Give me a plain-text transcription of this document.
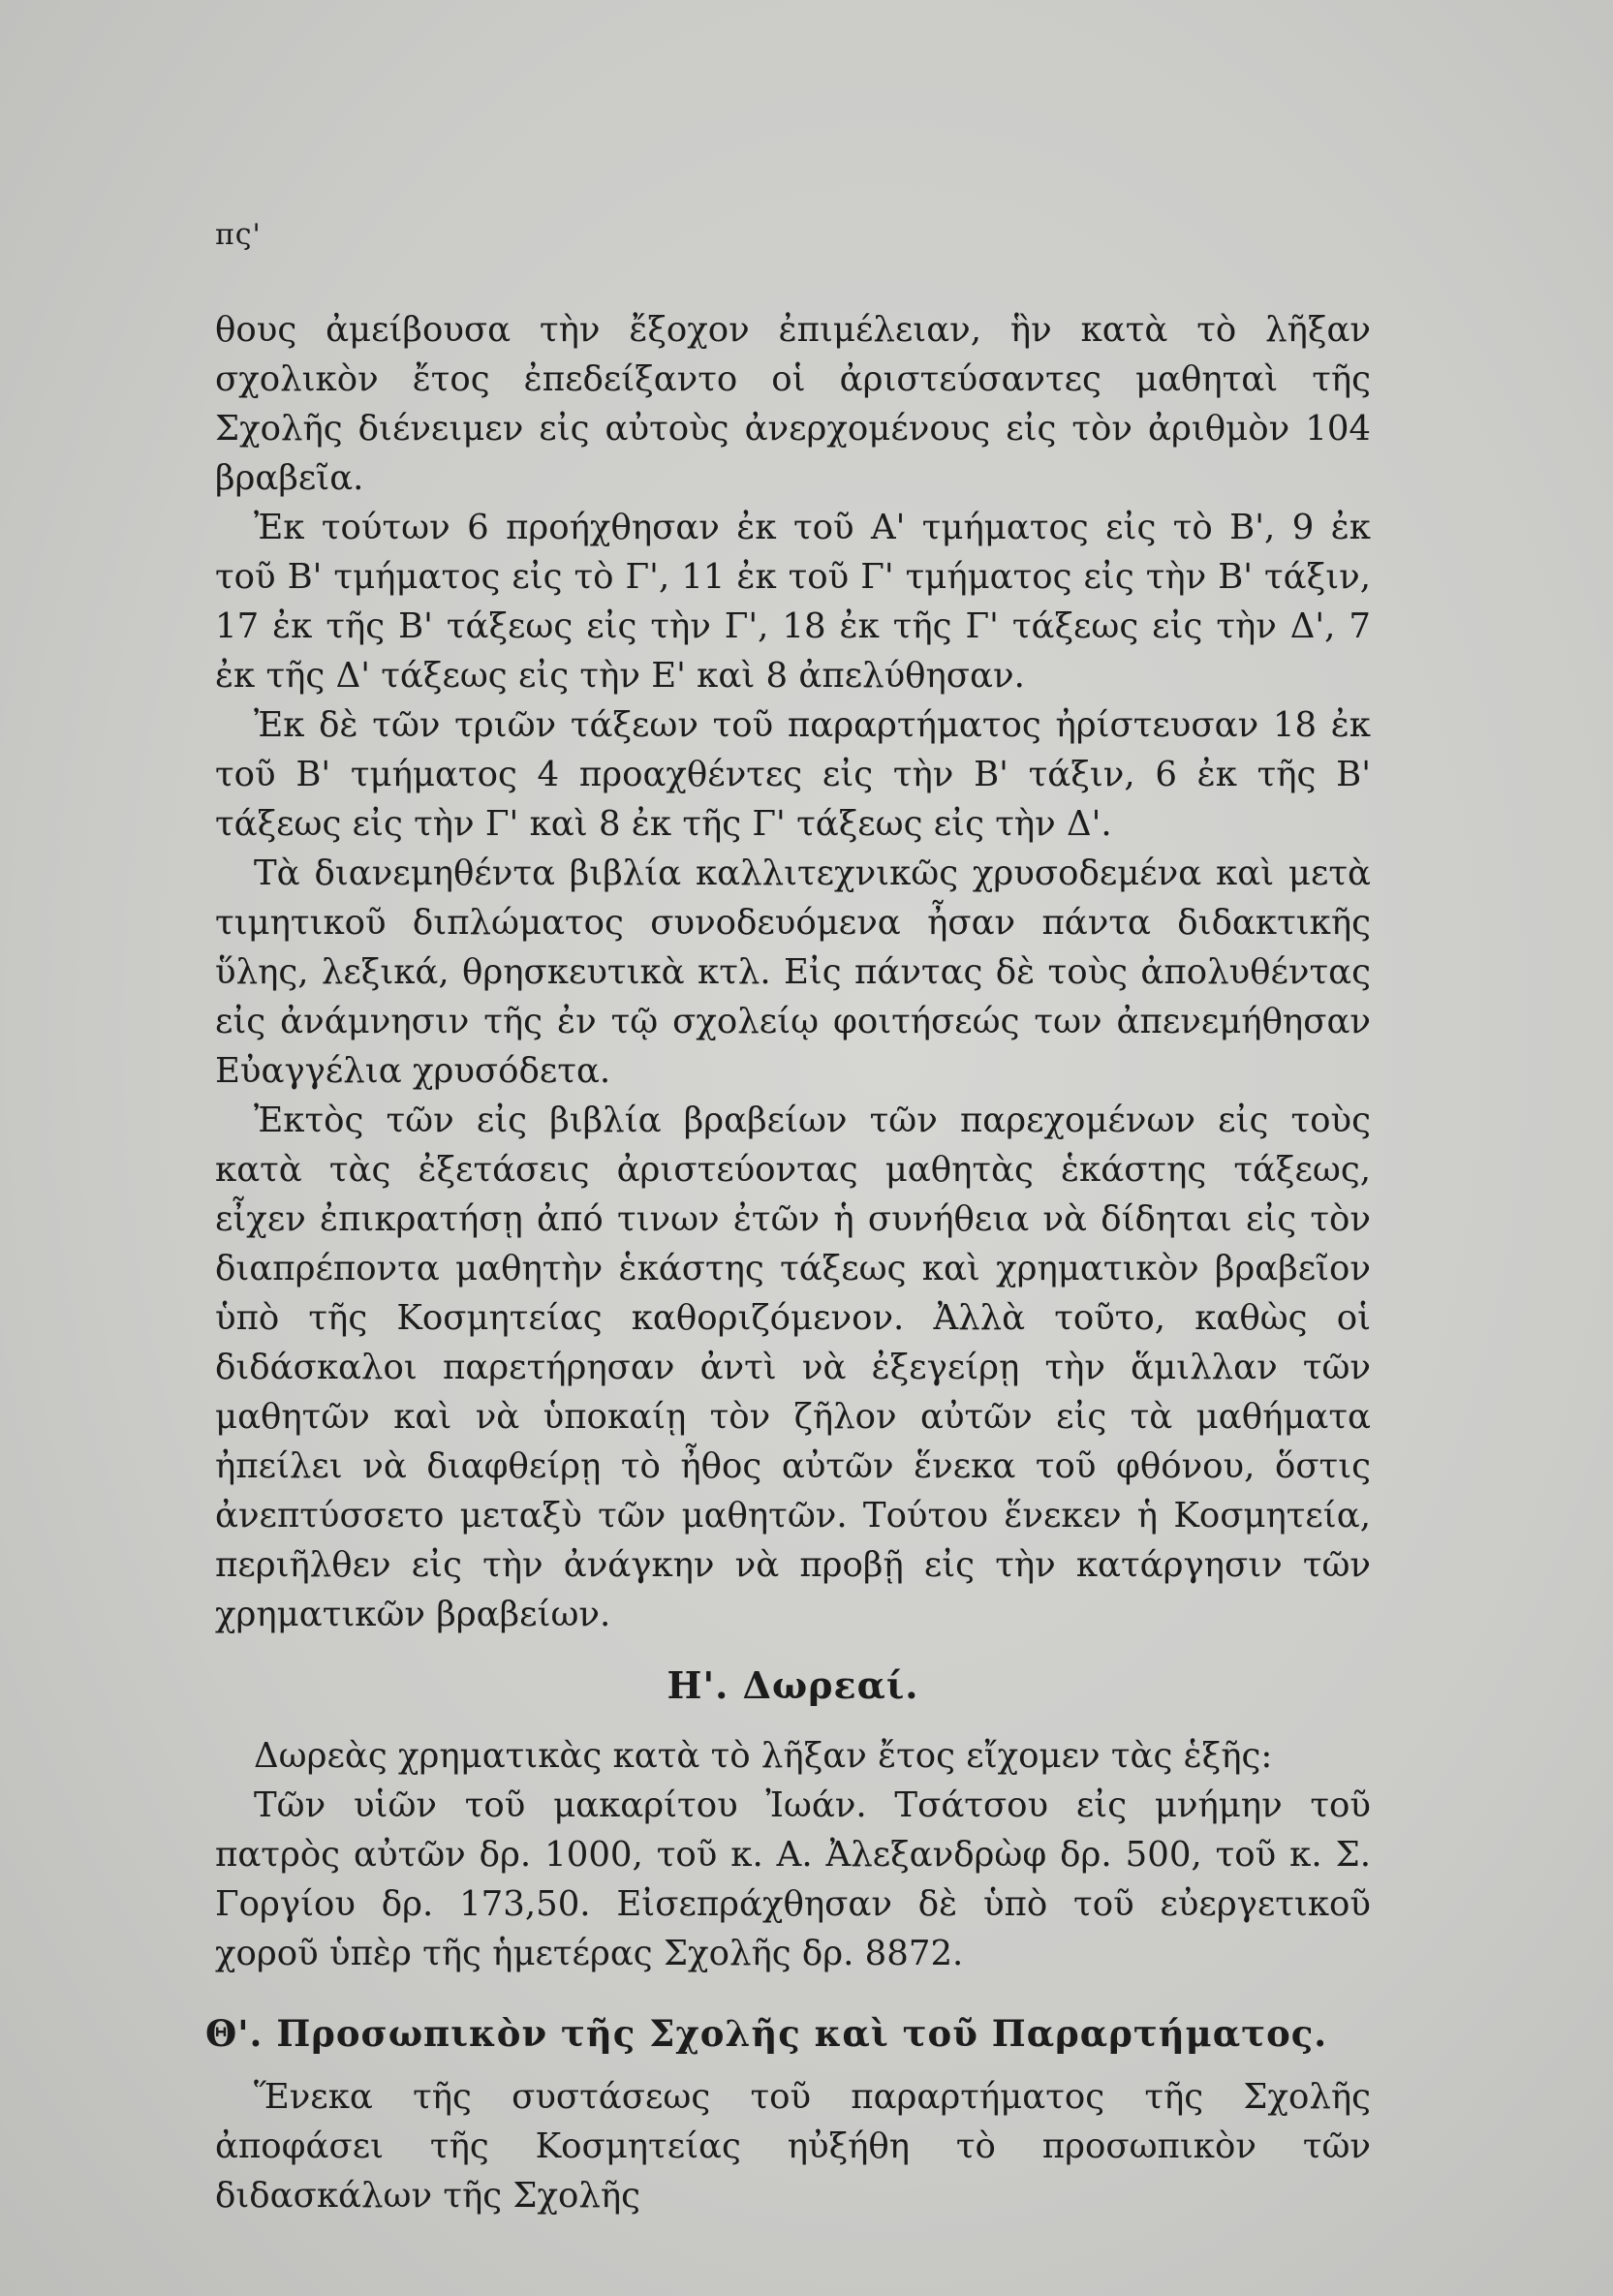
πς'

θους ἀμείβουσα τὴν ἔξοχον ἐπιμέλειαν, ἣν κατὰ τὸ λῆξαν σχολικὸν ἔτος ἐπεδείξαντο οἱ ἀριστεύσαντες μαθηταὶ τῆς Σχολῆς διένειμεν εἰς αὐτοὺς ἀνερχομένους εἰς τὸν ἀριθμὸν 104 βραβεῖα.

Ἐκ τούτων 6 προήχθησαν ἐκ τοῦ Α' τμήματος εἰς τὸ Β', 9 ἐκ τοῦ Β' τμήματος εἰς τὸ Γ', 11 ἐκ τοῦ Γ' τμήματος εἰς τὴν Β' τάξιν, 17 ἐκ τῆς Β' τάξεως εἰς τὴν Γ', 18 ἐκ τῆς Γ' τάξεως εἰς τὴν Δ', 7 ἐκ τῆς Δ' τάξεως εἰς τὴν Ε' καὶ 8 ἀπελύθησαν.

Ἐκ δὲ τῶν τριῶν τάξεων τοῦ παραρτήματος ἠρίστευσαν 18 ἐκ τοῦ Β' τμήματος 4 προαχθέντες εἰς τὴν Β' τάξιν, 6 ἐκ τῆς Β' τάξεως εἰς τὴν Γ' καὶ 8 ἐκ τῆς Γ' τάξεως εἰς τὴν Δ'.

Τὰ διανεμηθέντα βιβλία καλλιτεχνικῶς χρυσοδεμένα καὶ μετὰ τιμητικοῦ διπλώματος συνοδευόμενα ἦσαν πάντα διδακτικῆς ὕλης, λεξικά, θρησκευτικὰ κτλ. Εἰς πάντας δὲ τοὺς ἀπολυθέντας εἰς ἀνάμνησιν τῆς ἐν τῷ σχολείῳ φοιτήσεώς των ἀπενεμήθησαν Εὐαγγέλια χρυσόδετα.

Ἐκτὸς τῶν εἰς βιβλία βραβείων τῶν παρεχομένων εἰς τοὺς κατὰ τὰς ἐξετάσεις ἀριστεύοντας μαθητὰς ἑκάστης τάξεως, εἶχεν ἐπικρατήσῃ ἀπό τινων ἐτῶν ἡ συνήθεια νὰ δίδηται εἰς τὸν διαπρέποντα μαθητὴν ἑκάστης τάξεως καὶ χρηματικὸν βραβεῖον ὑπὸ τῆς Κοσμητείας καθοριζόμενον. Ἀλλὰ τοῦτο, καθὼς οἱ διδάσκαλοι παρετήρησαν ἀντὶ νὰ ἐξεγείρῃ τὴν ἅμιλλαν τῶν μαθητῶν καὶ νὰ ὑποκαίῃ τὸν ζῆλον αὐτῶν εἰς τὰ μαθήματα ἠπείλει νὰ διαφθείρῃ τὸ ἦθος αὐτῶν ἕνεκα τοῦ φθόνου, ὅστις ἀνεπτύσσετο μεταξὺ τῶν μαθητῶν. Τούτου ἕνεκεν ἡ Κοσμητεία, περιῆλθεν εἰς τὴν ἀνάγκην νὰ προβῇ εἰς τὴν κατάργησιν τῶν χρηματικῶν βραβείων.

Η'. Δωρεαί.

Δωρεὰς χρηματικὰς κατὰ τὸ λῆξαν ἔτος εἴχομεν τὰς ἑξῆς:

Τῶν υἱῶν τοῦ μακαρίτου Ἰωάν. Τσάτσου εἰς μνήμην τοῦ πατρὸς αὐτῶν δρ. 1000, τοῦ κ. Α. Ἀλεξανδρὼφ δρ. 500, τοῦ κ. Σ. Γοργίου δρ. 173,50. Εἰσεπράχθησαν δὲ ὑπὸ τοῦ εὐεργετικοῦ χοροῦ ὑπὲρ τῆς ἡμετέρας Σχολῆς δρ. 8872.

Θ'. Προσωπικὸν τῆς Σχολῆς καὶ τοῦ Παραρτήματος.

Ἕνεκα τῆς συστάσεως τοῦ παραρτήματος τῆς Σχολῆς ἀποφάσει τῆς Κοσμητείας ηὐξήθη τὸ προσωπικὸν τῶν διδασκάλων τῆς Σχολῆς
